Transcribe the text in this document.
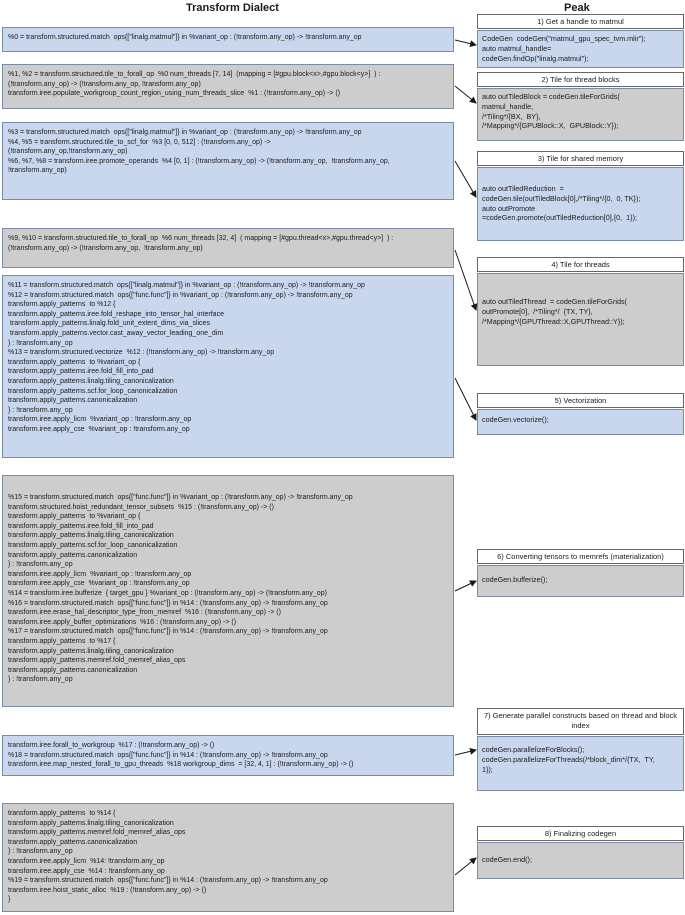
Transform Dialect	Peak
%0 = transform.structured.match  ops{["linalg.matmul"]} in %variant_op : (!transform.any_op) -> !transform.any_op
%1, %2 = transform.structured.tile_to_forall_op  %0 num_threads [7, 14]  (mapping = [#gpu.block<x>,#gpu.block<y>]  ) :
(!transform.any_op) -> (!transform.any_op, !transform.any_op)
transform.iree.populate_workgroup_count_region_using_num_threads_slice  %1 : (!transform.any_op) -> ()
%3 = transform.structured.match  ops{["linalg.matmul"]} in %variant_op : (!transform.any_op) -> !transform.any_op
%4, %5 = transform.structured.tile_to_scf_for  %3 [0, 0, 512] : (!transform.any_op) ->
(!transform.any_op,!transform.any_op)
%6, %7, %8 = transform.iree.promote_operands  %4 [0, 1] : (!transform.any_op) -> (!transform.any_op,  !transform.any_op,
!transform.any_op)
%9, %10 = transform.structured.tile_to_forall_op  %6 num_threads [32, 4]  ( mapping = [#gpu.thread<x>,#gpu.thread<y>]  ) :
(!transform.any_op) -> (!transform.any_op,  !transform.any_op)
%11 = transform.structured.match  ops{["linalg.matmul"]} in %variant_op : (!transform.any_op) -> !transform.any_op
%12 = transform.structured.match  ops{["func.func"]} in %variant_op : (!transform.any_op) -> !transform.any_op
transform.apply_patterns  to %12 {
transform.apply_patterns.iree.fold_reshape_into_tensor_hal_interface
transform.apply_patterns.linalg.fold_unit_extent_dims_via_slices
transform.apply_patterns.vector.cast_away_vector_leading_one_dim
} : !transform.any_op
%13 = transform.structured.vectorize  %12 : (!transform.any_op) -> !transform.any_op
transform.apply_patterns  to %variant_op {
transform.apply_patterns.iree.fold_fill_into_pad
transform.apply_patterns.linalg.tiling_canonicalization
transform.apply_patterns.scf.for_loop_canonicalization
transform.apply_patterns.canonicalization
} : !transform.any_op
transform.iree.apply_licm  %variant_op : !transform.any_op
transform.iree.apply_cse  %variant_op : !transform.any_op
%15 = transform.structured.match  ops{["func.func"]} in %variant_op : (!transform.any_op) -> !transform.any_op
transform.structured.hoist_redundant_tensor_subsets  %15 : (!transform.any_op) -> ()
transform.apply_patterns  to %variant_op {
transform.apply_patterns.iree.fold_fill_into_pad
transform.apply_patterns.linalg.tiling_canonicalization
transform.apply_patterns.scf.for_loop_canonicalization
transform.apply_patterns.canonicalization
} : !transform.any_op
transform.iree.apply_licm  %variant_op : !transform.any_op
transform.iree.apply_cse  %variant_op : !transform.any_op
%14 = transform.iree.bufferize  { target_gpu } %variant_op : (!transform.any_op) -> (!transform.any_op)
%16 = transform.structured.match  ops{["func.func"]} in %14 : (!transform.any_op) -> !transform.any_op
transform.iree.erase_hal_descriptor_type_from_memref  %16 : (!transform.any_op) -> ()
transform.iree.apply_buffer_optimizations  %16 : (!transform.any_op) -> ()
%17 = transform.structured.match  ops{["func.func"]} in %14 : (!transform.any_op) -> !transform.any_op
transform.apply_patterns  to %17 {
transform.apply_patterns.linalg.tiling_canonicalization
transform.apply_patterns.memref.fold_memref_alias_ops
transform.apply_patterns.canonicalization
} : !transform.any_op
transform.iree.forall_to_workgroup  %17 : (!transform.any_op) -> ()
%18 = transform.structured.match  ops{["func.func"]} in %14 : (!transform.any_op) -> !transform.any_op
transform.iree.map_nested_forall_to_gpu_threads  %18 workgroup_dims  = [32, 4, 1] : (!transform.any_op) -> ()
transform.apply_patterns  to %14 {
transform.apply_patterns.linalg.tiling_canonicalization
transform.apply_patterns.memref.fold_memref_alias_ops
transform.apply_patterns.canonicalization
} : !transform.any_op
transform.iree.apply_licm  %14: !transform.any_op
transform.iree.apply_cse  %14 : !transform.any_op
%19 = transform.structured.match  ops{["func.func"]} in %14 : (!transform.any_op) -> !transform.any_op
transform.iree.hoist_static_alloc  %19 : (!transform.any_op) -> ()
}
1) Get a handle to matmul
CodeGen  codeGen("matmul_gpu_spec_tvm.mlir");
auto matmul_handle=
codeGen.findOp("linalg.matmul");
2) Tile for thread blocks
auto outTiledBlock = codeGen.tileForGrids(
matmul_handle,
/*Tiling*/{BX,  BY},
/*Mapping*/{GPUBlock::X,  GPUBlock::Y});
3) Tile for shared memory
auto outTiledReduction  =
codeGen.tile(outTiledBlock[0],/*Tiling*/{0,  0, TK});
auto outPromote
=codeGen.promote(outTiledReduction[0],{0,  1});
4) Tile for threads
auto outTiledThread  = codeGen.tileForGrids(
outPromote[0],  /*Tiling*/  {TX, TY},
/*Mapping*/{GPUThread::X,GPUThread::Y});
5) Vectorization
codeGen.vectorize();
6) Converting tensors to memrefs (materialization)
codeGen.bufferize();
7) Generate parallel constructs based on thread and block index
codeGen.parallelizeForBlocks();
codeGen.parallelizeForThreads(/*block_dim*/{TX,  TY,
1});
8) Finalizing codegen
codeGen.end();
